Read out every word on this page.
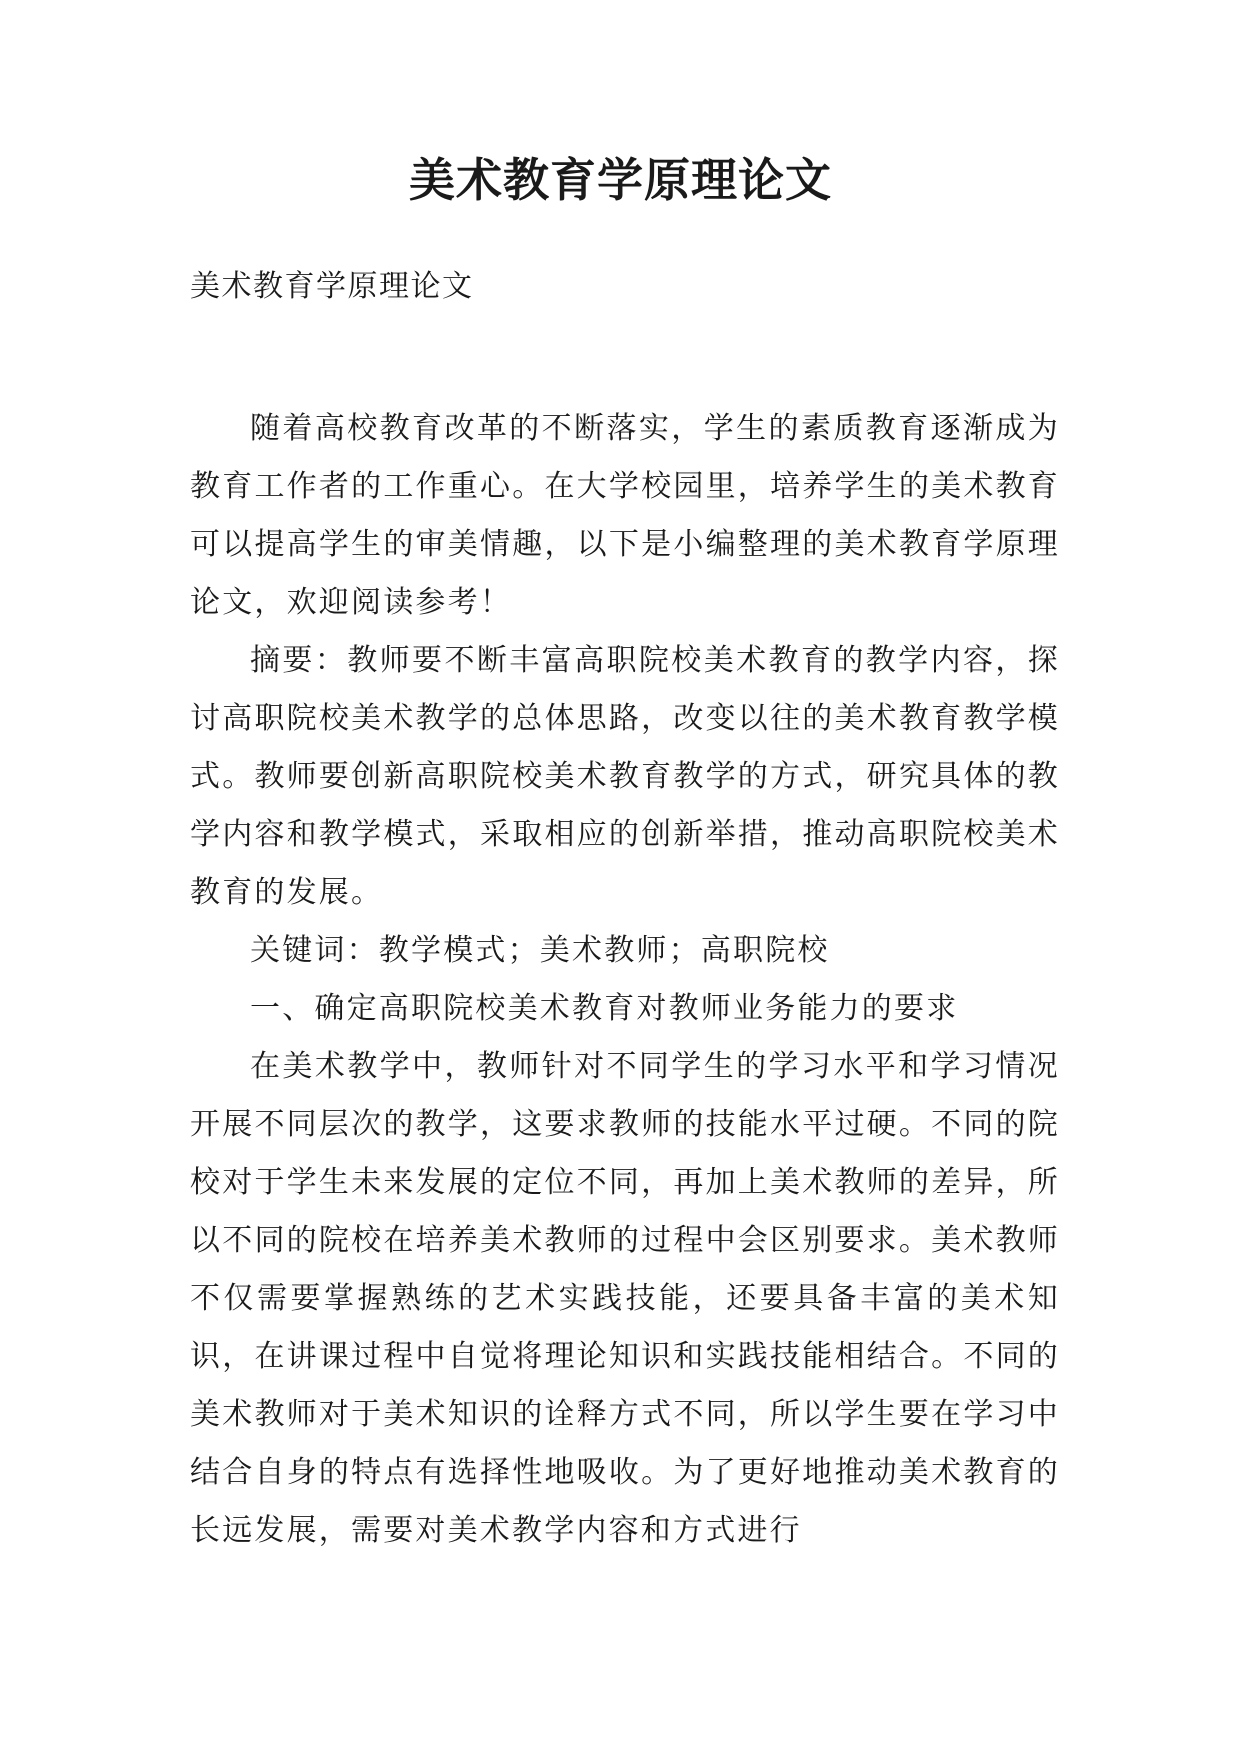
美术教育学原理论文

美术教育学原理论文

随着高校教育改革的不断落实，学生的素质教育逐渐成为教育工作者的工作重心。在大学校园里，培养学生的美术教育可以提高学生的审美情趣，以下是小编整理的美术教育学原理论文，欢迎阅读参考！

摘要：教师要不断丰富高职院校美术教育的教学内容，探讨高职院校美术教学的总体思路，改变以往的美术教育教学模式。教师要创新高职院校美术教育教学的方式，研究具体的教学内容和教学模式，采取相应的创新举措，推动高职院校美术教育的发展。

关键词：教学模式；美术教师；高职院校

一、确定高职院校美术教育对教师业务能力的要求

在美术教学中，教师针对不同学生的学习水平和学习情况开展不同层次的教学，这要求教师的技能水平过硬。不同的院校对于学生未来发展的定位不同，再加上美术教师的差异，所以不同的院校在培养美术教师的过程中会区别要求。美术教师不仅需要掌握熟练的艺术实践技能，还要具备丰富的美术知识，在讲课过程中自觉将理论知识和实践技能相结合。不同的美术教师对于美术知识的诠释方式不同，所以学生要在学习中结合自身的特点有选择性地吸收。为了更好地推动美术教育的长远发展，需要对美术教学内容和方式进行
